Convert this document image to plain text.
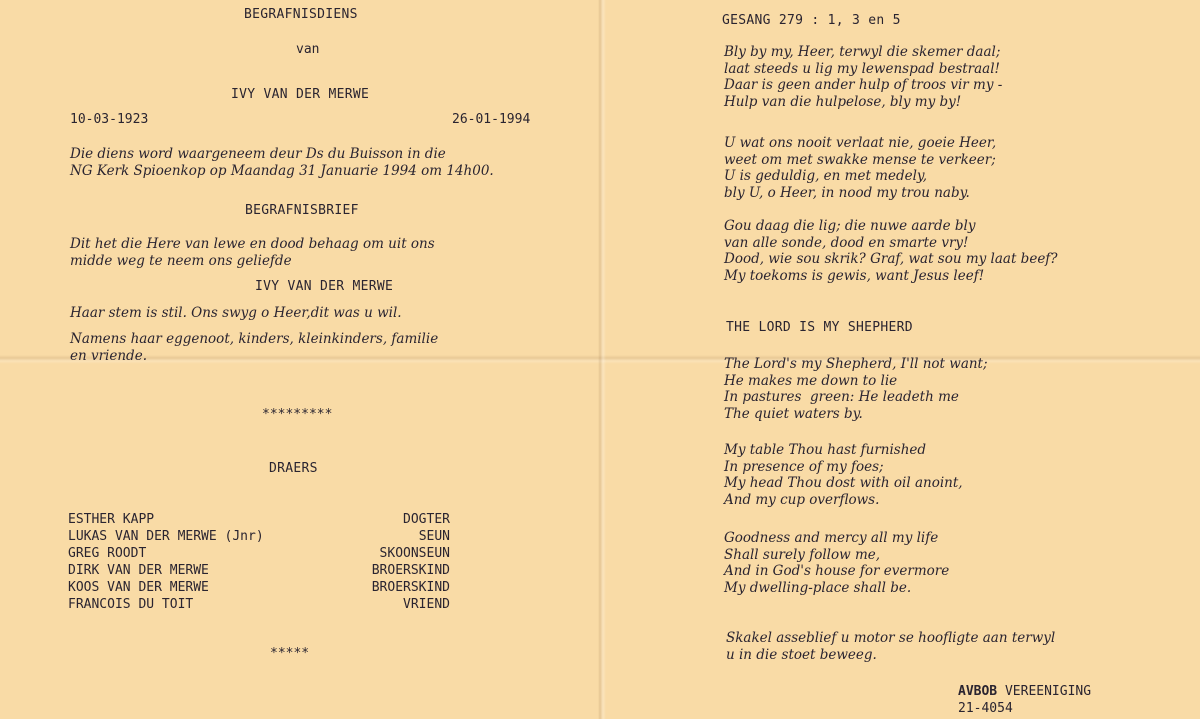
BEGRAFNISDIENS
van
IVY VAN DER MERWE
10-03-1923	26-01-1994
Die diens word waargeneem deur Ds du Buisson in die
NG Kerk Spioenkop op Maandag 31 Januarie 1994 om 14h00.
BEGRAFNISBRIEF
Dit het die Here van lewe en dood behaag om uit ons
midde weg te neem ons geliefde
IVY VAN DER MERWE
Haar stem is stil. Ons swyg o Heer,dit was u wil.
Namens haar eggenoot, kinders, kleinkinders, familie
en vriende.
*********
DRAERS
ESTHER KAPP	DOGTER
LUKAS VAN DER MERWE (Jnr)	SEUN
GREG ROODT	SKOONSEUN
DIRK VAN DER MERWE	BROERSKIND
KOOS VAN DER MERWE	BROERSKIND
FRANCOIS DU TOIT	VRIEND
*****
GESANG 279 : 1, 3 en 5
Bly by my, Heer, terwyl die skemer daal;
laat steeds u lig my lewenspad bestraal!
Daar is geen ander hulp of troos vir my -
Hulp van die hulpelose, bly my by!
U wat ons nooit verlaat nie, goeie Heer,
weet om met swakke mense te verkeer;
U is geduldig, en met medely,
bly U, o Heer, in nood my trou naby.
Gou daag die lig; die nuwe aarde bly
van alle sonde, dood en smarte vry!
Dood, wie sou skrik? Graf, wat sou my laat beef?
My toekoms is gewis, want Jesus leef!
THE LORD IS MY SHEPHERD
The Lord's my Shepherd, I'll not want;
He makes me down to lie
In pastures  green: He leadeth me
The quiet waters by.
My table Thou hast furnished
In presence of my foes;
My head Thou dost with oil anoint,
And my cup overflows.
Goodness and mercy all my life
Shall surely follow me,
And in God's house for evermore
My dwelling-place shall be.
Skakel asseblief u motor se hoofligte aan terwyl
u in die stoet beweeg.
AVBOB VEREENIGING
21-4054
